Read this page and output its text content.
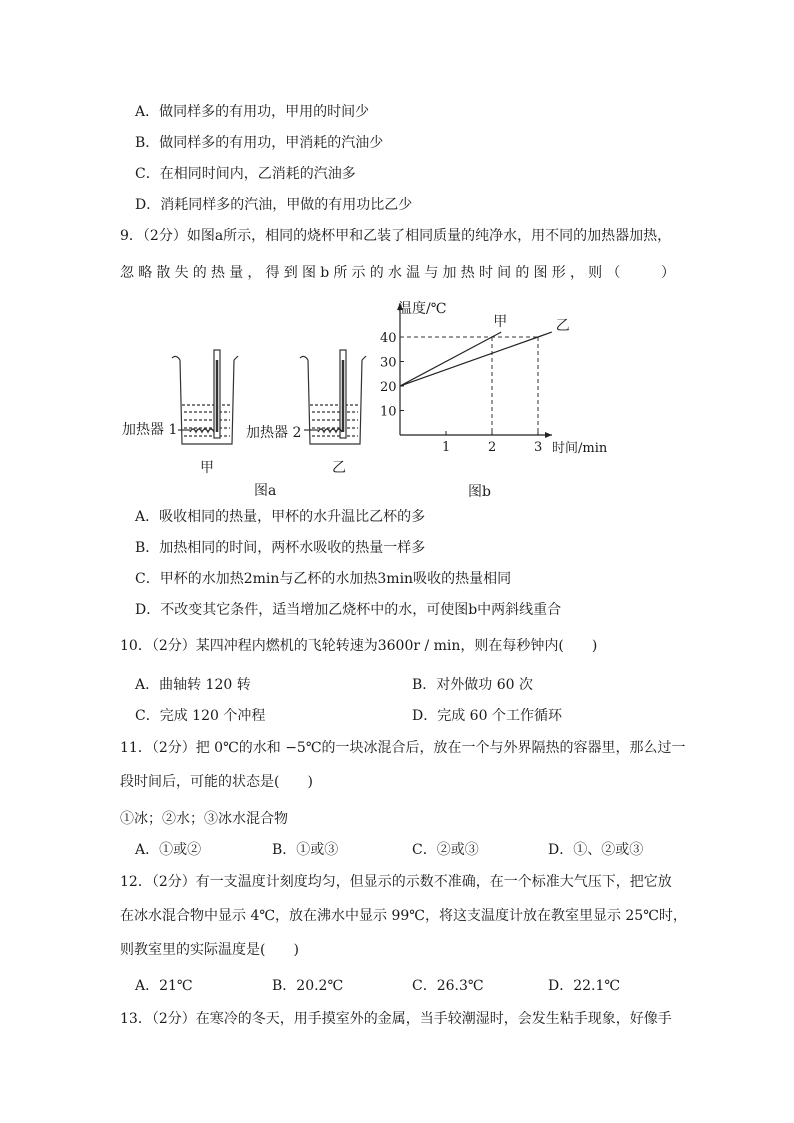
A．做同样多的有用功，甲用的时间少
B．做同样多的有用功，甲消耗的汽油少
C．在相同时间内，乙消耗的汽油多
D．消耗同样多的汽油，甲做的有用功比乙少
9．（2分）如图a所示，相同的烧杯甲和乙装了相同质量的纯净水，用不同的加热器加热，
忽略散失的热量，得到图b所示的水温与加热时间的图形，则（　　）
加热器 1	加热器 2
甲	乙
图a
1	2	3
10
20
30
40
甲	乙
温度/℃
时间/min
图b
A．吸收相同的热量，甲杯的水升温比乙杯的多
B．加热相同的时间，两杯水吸收的热量一样多
C．甲杯的水加热2min与乙杯的水加热3min吸收的热量相同
D．不改变其它条件，适当增加乙烧杯中的水，可使图b中两斜线重合
10．（2分）某四冲程内燃机的飞轮转速为3600r / min，则在每秒钟内(　　)
A．曲轴转 120 转	B．对外做功 60 次
C．完成 120 个冲程	D．完成 60 个工作循环
11．（2分）把 0℃的水和 −5℃的一块冰混合后，放在一个与外界隔热的容器里，那么过一
段时间后，可能的状态是(　　)
①冰；②水；③冰水混合物
A．①或②	B．①或③	C．②或③	D．①、②或③
12．（2分）有一支温度计刻度均匀，但显示的示数不准确，在一个标准大气压下，把它放
在冰水混合物中显示 4℃，放在沸水中显示 99℃，将这支温度计放在教室里显示 25℃时，
则教室里的实际温度是(　　)
A．21℃	B．20.2℃	C．26.3℃	D．22.1℃
13．（2分）在寒冷的冬天，用手摸室外的金属，当手较潮湿时，会发生粘手现象，好像手
